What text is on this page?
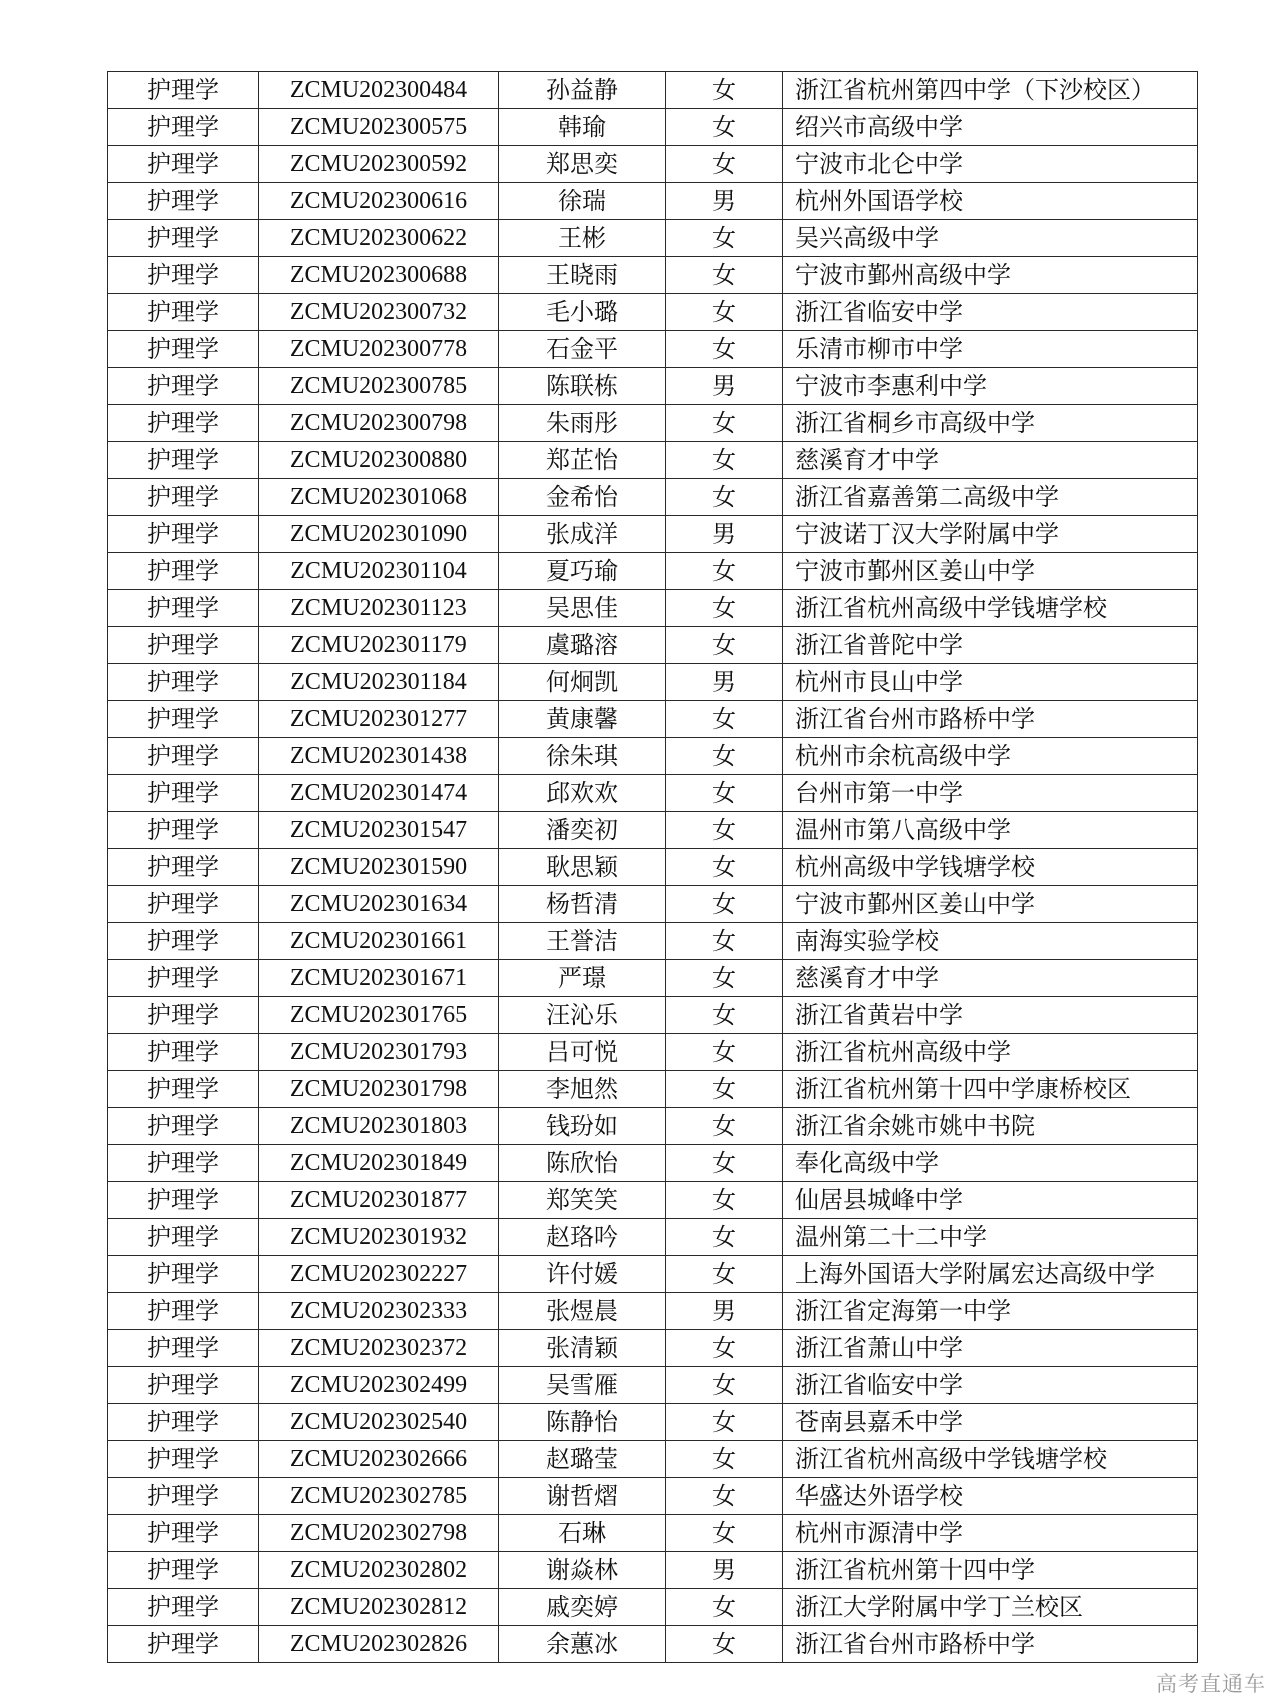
护理学	ZCMU202300484	孙益静	女	浙江省杭州第四中学（下沙校区）
护理学	ZCMU202300575	韩瑜	女	绍兴市高级中学
护理学	ZCMU202300592	郑思奕	女	宁波市北仑中学
护理学	ZCMU202300616	徐瑞	男	杭州外国语学校
护理学	ZCMU202300622	王彬	女	吴兴高级中学
护理学	ZCMU202300688	王晓雨	女	宁波市鄞州高级中学
护理学	ZCMU202300732	毛小璐	女	浙江省临安中学
护理学	ZCMU202300778	石金平	女	乐清市柳市中学
护理学	ZCMU202300785	陈联栋	男	宁波市李惠利中学
护理学	ZCMU202300798	朱雨彤	女	浙江省桐乡市高级中学
护理学	ZCMU202300880	郑芷怡	女	慈溪育才中学
护理学	ZCMU202301068	金希怡	女	浙江省嘉善第二高级中学
护理学	ZCMU202301090	张成洋	男	宁波诺丁汉大学附属中学
护理学	ZCMU202301104	夏巧瑜	女	宁波市鄞州区姜山中学
护理学	ZCMU202301123	吴思佳	女	浙江省杭州高级中学钱塘学校
护理学	ZCMU202301179	虞璐溶	女	浙江省普陀中学
护理学	ZCMU202301184	何炯凯	男	杭州市艮山中学
护理学	ZCMU202301277	黄康馨	女	浙江省台州市路桥中学
护理学	ZCMU202301438	徐朱琪	女	杭州市余杭高级中学
护理学	ZCMU202301474	邱欢欢	女	台州市第一中学
护理学	ZCMU202301547	潘奕初	女	温州市第八高级中学
护理学	ZCMU202301590	耿思颖	女	杭州高级中学钱塘学校
护理学	ZCMU202301634	杨哲清	女	宁波市鄞州区姜山中学
护理学	ZCMU202301661	王誉洁	女	南海实验学校
护理学	ZCMU202301671	严璟	女	慈溪育才中学
护理学	ZCMU202301765	汪沁乐	女	浙江省黄岩中学
护理学	ZCMU202301793	吕可悦	女	浙江省杭州高级中学
护理学	ZCMU202301798	李旭然	女	浙江省杭州第十四中学康桥校区
护理学	ZCMU202301803	钱玢如	女	浙江省余姚市姚中书院
护理学	ZCMU202301849	陈欣怡	女	奉化高级中学
护理学	ZCMU202301877	郑笑笑	女	仙居县城峰中学
护理学	ZCMU202301932	赵珞吟	女	温州第二十二中学
护理学	ZCMU202302227	许付媛	女	上海外国语大学附属宏达高级中学
护理学	ZCMU202302333	张煜晨	男	浙江省定海第一中学
护理学	ZCMU202302372	张清颖	女	浙江省萧山中学
护理学	ZCMU202302499	吴雪雁	女	浙江省临安中学
护理学	ZCMU202302540	陈静怡	女	苍南县嘉禾中学
护理学	ZCMU202302666	赵璐莹	女	浙江省杭州高级中学钱塘学校
护理学	ZCMU202302785	谢哲熠	女	华盛达外语学校
护理学	ZCMU202302798	石琳	女	杭州市源清中学
护理学	ZCMU202302802	谢焱林	男	浙江省杭州第十四中学
护理学	ZCMU202302812	戚奕婷	女	浙江大学附属中学丁兰校区
护理学	ZCMU202302826	余蕙冰	女	浙江省台州市路桥中学
高考直通车
